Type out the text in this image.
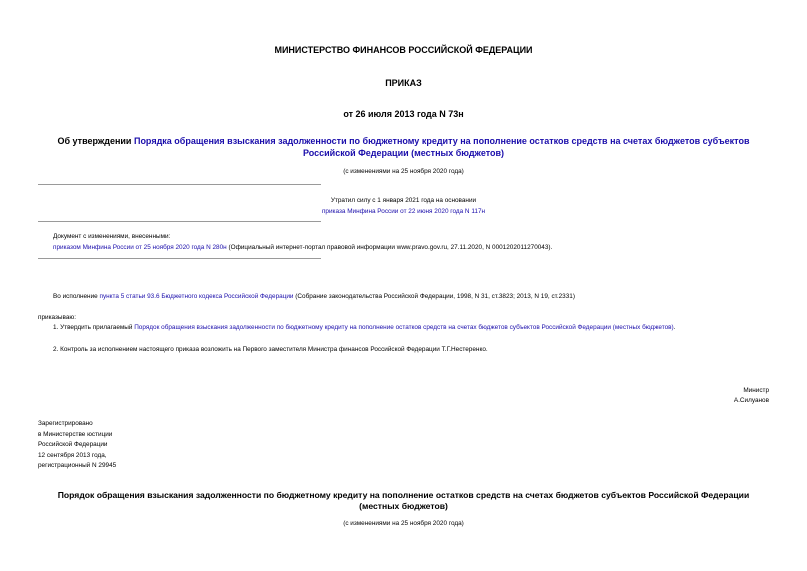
МИНИСТЕРСТВО ФИНАНСОВ РОССИЙСКОЙ ФЕДЕРАЦИИ
ПРИКАЗ
от 26 июля 2013 года N 73н
Об утверждении Порядка обращения взыскания задолженности по бюджетному кредиту на пополнение остатков средств на счетах бюджетов субъектов
Российской Федерации (местных бюджетов)
(с изменениями на 25 ноября 2020 года)
Утратил силу с 1 января 2021 года на основании
приказа Минфина России от 22 июня 2020 года N 117н
Документ с изменениями, внесенными:
приказом Минфина России от 25 ноября 2020 года N 280н (Официальный интернет-портал правовой информации www.pravo.gov.ru, 27.11.2020, N 0001202011270043).
Во исполнение пункта 5 статьи 93.6 Бюджетного кодекса Российской Федерации (Собрание законодательства Российской Федерации, 1998, N 31, ст.3823; 2013, N 19, ст.2331)
приказываю:
1. Утвердить прилагаемый Порядок обращения взыскания задолженности по бюджетному кредиту на пополнение остатков средств на счетах бюджетов субъектов Российской Федерации (местных бюджетов).
2. Контроль за исполнением настоящего приказа возложить на Первого заместителя Министра финансов Российской Федерации Т.Г.Нестеренко.
Министр
А.Силуанов
Зарегистрировано
в Министерстве юстиции
Российской Федерации
12 сентября 2013 года,
регистрационный N 29945
Порядок обращения взыскания задолженности по бюджетному кредиту на пополнение остатков средств на счетах бюджетов субъектов Российской Федерации
(местных бюджетов)
(с изменениями на 25 ноября 2020 года)
